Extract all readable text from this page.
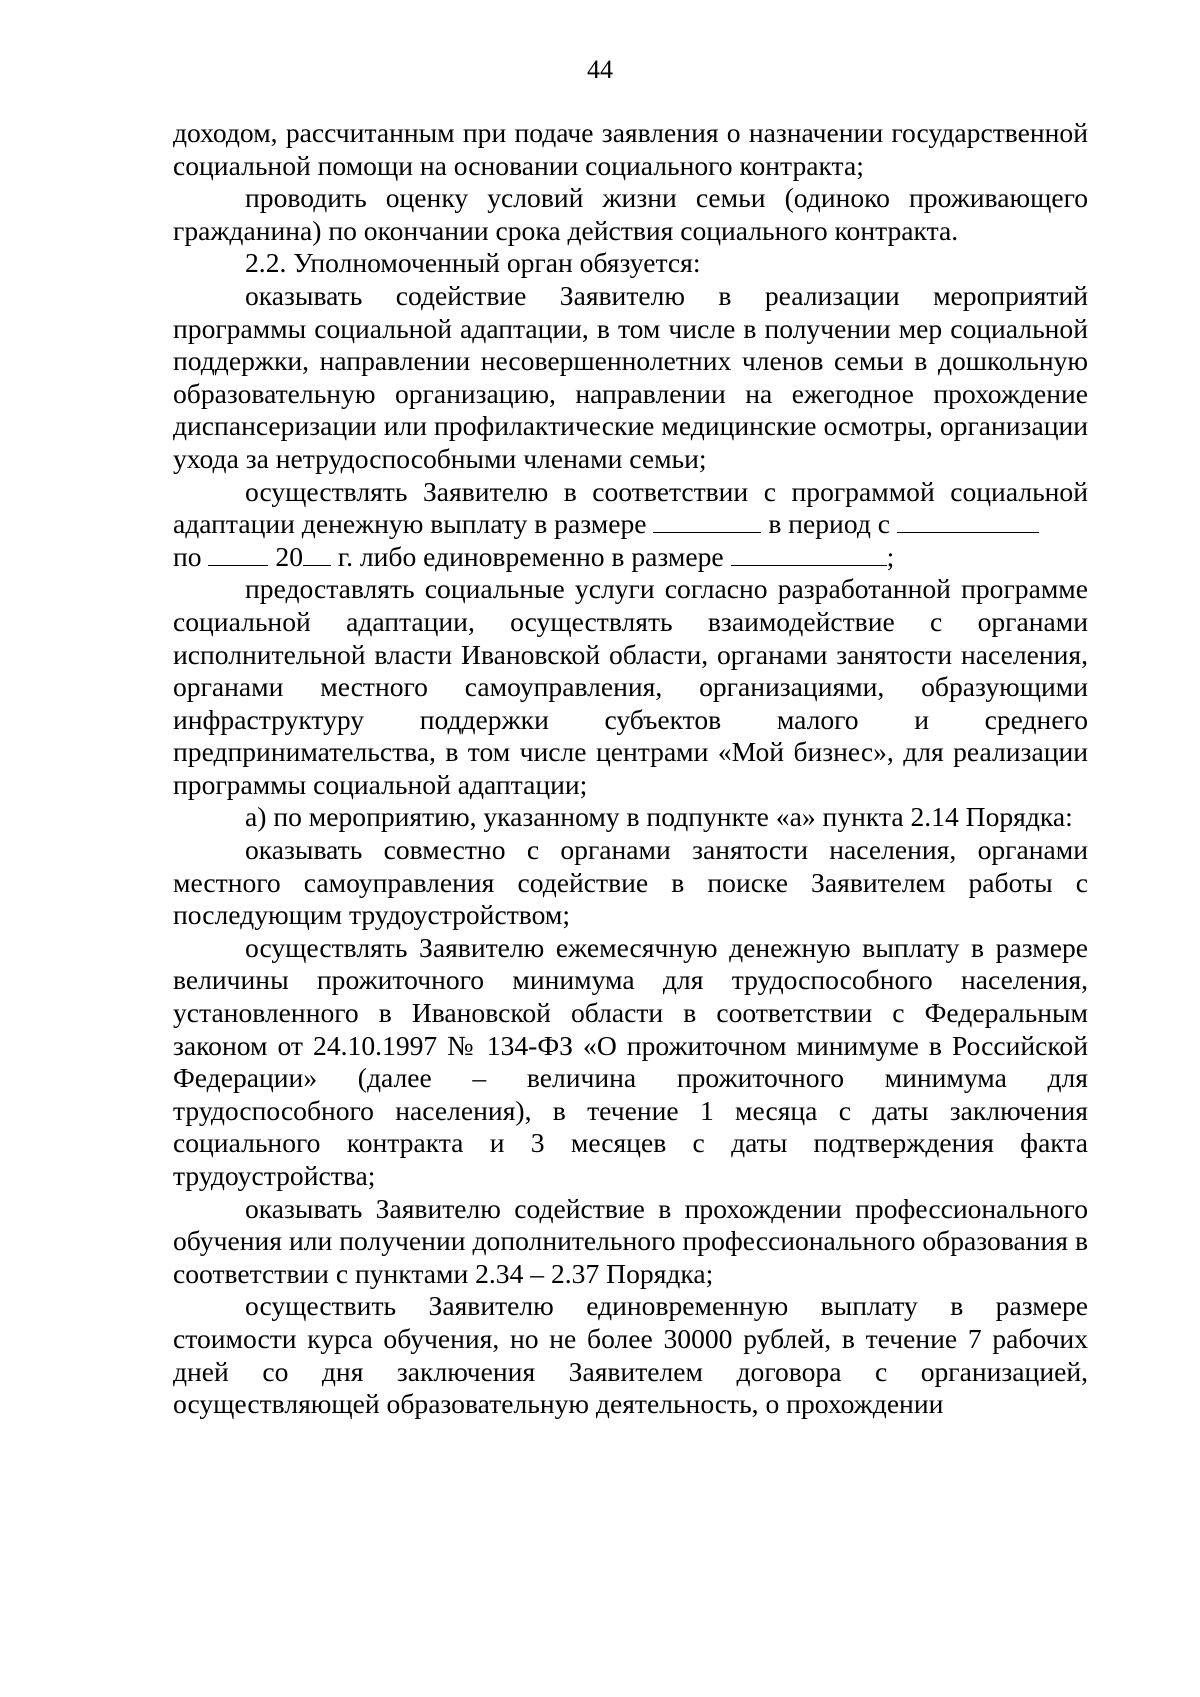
44

доходом, рассчитанным при подаче заявления о назначении государственной социальной помощи на основании социального контракта;

проводить оценку условий жизни семьи (одиноко проживающего гражданина) по окончании срока действия социального контракта.

2.2. Уполномоченный орган обязуется:

оказывать содействие Заявителю в реализации мероприятий программы социальной адаптации, в том числе в получении мер социальной поддержки, направлении несовершеннолетних членов семьи в дошкольную образовательную организацию, направлении на ежегодное прохождение диспансеризации или профилактические медицинские осмотры, организации ухода за нетрудоспособными членами семьи;

осуществлять Заявителю в соответствии с программой социальной адаптации денежную выплату в размере	в период с
по	20 г. либо единовременно в размере	;

предоставлять социальные услуги согласно разработанной программе социальной адаптации, осуществлять взаимодействие с органами исполнительной власти Ивановской области, органами занятости населения, органами местного самоуправления, организациями, образующими инфраструктуру поддержки субъектов малого и среднего предпринимательства, в том числе центрами «Мой бизнес», для реализации программы социальной адаптации;

а) по мероприятию, указанному в подпункте «а» пункта 2.14 Порядка:

оказывать совместно с органами занятости населения, органами местного самоуправления содействие в поиске Заявителем работы с последующим трудоустройством;

осуществлять Заявителю ежемесячную денежную выплату в размере величины прожиточного минимума для трудоспособного населения, установленного в Ивановской области в соответствии с Федеральным законом от 24.10.1997 № 134-ФЗ «О прожиточном минимуме в Российской Федерации» (далее – величина прожиточного минимума для трудоспособного населения), в течение 1 месяца с даты заключения социального контракта и 3 месяцев с даты подтверждения факта трудоустройства;

оказывать Заявителю содействие в прохождении профессионального обучения или получении дополнительного профессионального образования в соответствии с пунктами 2.34 – 2.37 Порядка;

осуществить Заявителю единовременную выплату в размере стоимости курса обучения, но не более 30000 рублей, в течение 7 рабочих дней со дня заключения Заявителем договора с организацией, осуществляющей образовательную деятельность, о прохождении
